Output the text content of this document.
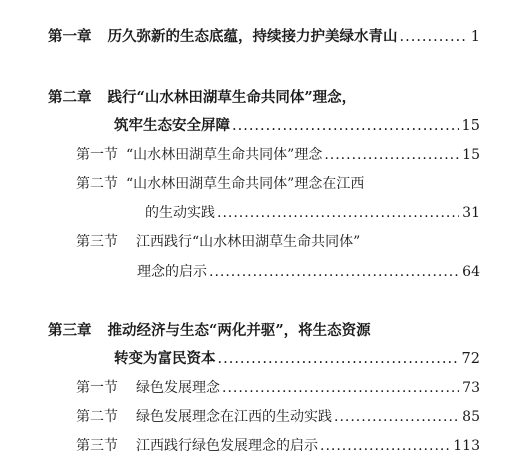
第一章 历久弥新的生态底蕴，持续接力护美绿水青山 .....	1
第二章 践行“山水林田湖草生命共同体”理念，
筑牢生态安全屏障 .....	15
第一节 “山水林田湖草生命共同体”理念 .....	15
第二节 “山水林田湖草生命共同体”理念在江西
的生动实践 .....	31
第三节 江西践行“山水林田湖草生命共同体”
理念的启示 .....	64
第三章 推动经济与生态“两化并驱”，将生态资源
转变为富民资本 .....	72
第一节 绿色发展理念 .....	73
第二节 绿色发展理念在江西的生动实践 .....	85
第三节 江西践行绿色发展理念的启示 .....	113
